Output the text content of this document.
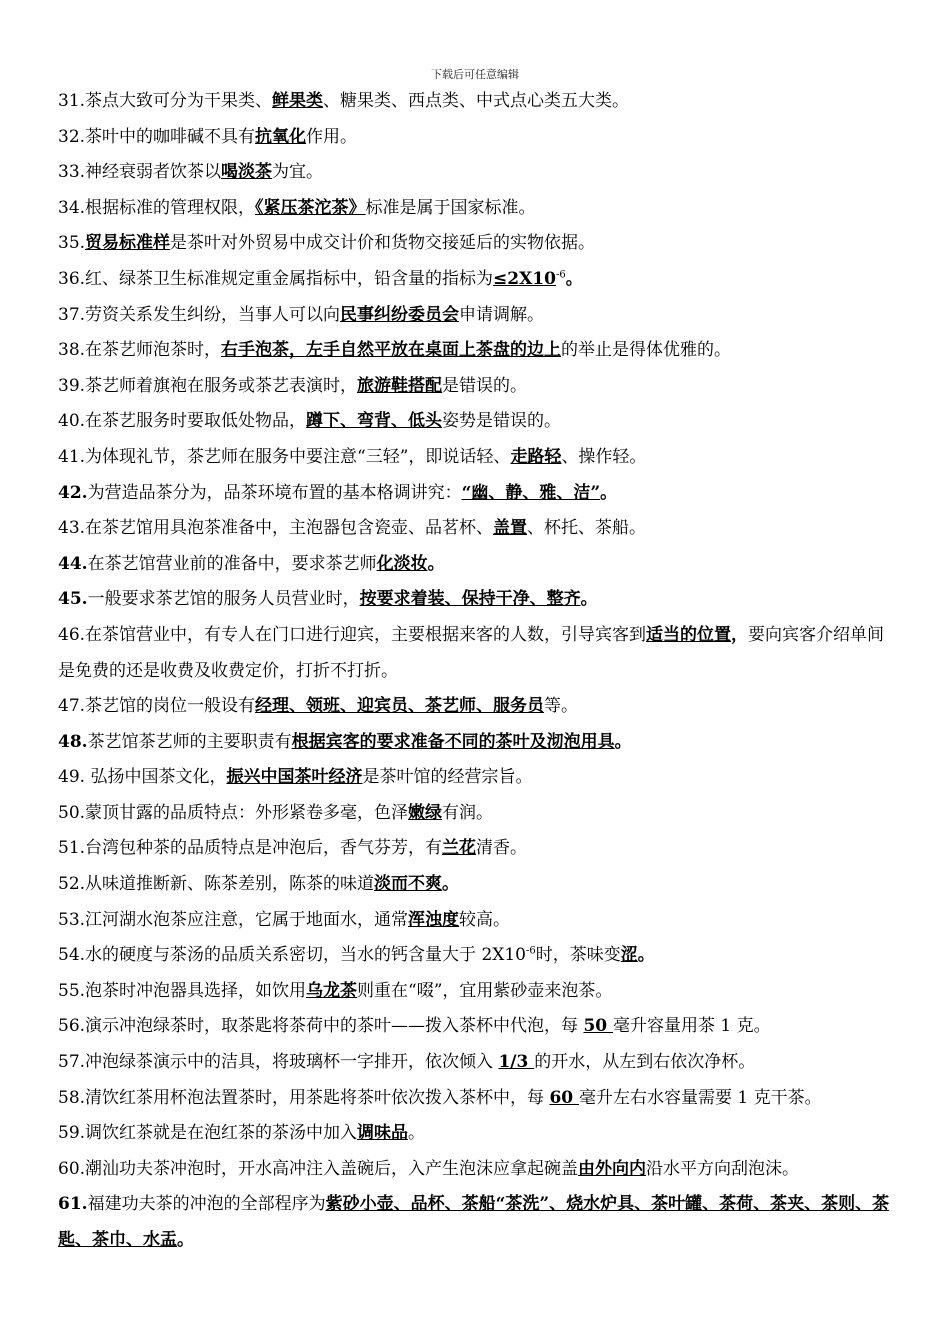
下载后可任意编辑

31.茶点大致可分为干果类、鲜果类、糖果类、西点类、中式点心类五大类。

32.茶叶中的咖啡碱不具有抗氧化作用。

33.神经衰弱者饮茶以喝淡茶为宜。

34.根据标准的管理权限，《紧压茶沱茶》标准是属于国家标准。

35.贸易标准样是茶叶对外贸易中成交计价和货物交接延后的实物依据。

36.红、绿茶卫生标准规定重金属指标中，铅含量的指标为$\le 2X10^{-6}$。

37.劳资关系发生纠纷，当事人可以向民事纠纷委员会申请调解。

38.在茶艺师泡茶时，右手泡茶，左手自然平放在桌面上茶盘的边上的举止是得体优雅的。

39.茶艺师着旗袍在服务或茶艺表演时，旅游鞋搭配是错误的。

40.在茶艺服务时要取低处物品，蹲下、弯背、低头姿势是错误的。

41.为体现礼节，茶艺师在服务中要注意“三轻”，即说话轻、走路轻、操作轻。

42.为营造品茶分为，品茶环境布置的基本格调讲究：“幽、静、雅、洁”。

43.在茶艺馆用具泡茶准备中，主泡器包含瓷壶、品茗杯、盖置、杯托、茶船。

44.在茶艺馆营业前的准备中，要求茶艺师化淡妆。

45.一般要求茶艺馆的服务人员营业时，按要求着装、保持干净、整齐。

46.在茶馆营业中，有专人在门口进行迎宾，主要根据来客的人数，引导宾客到适当的位置，要向宾客介绍单间是免费的还是收费及收费定价，打折不打折。

47.茶艺馆的岗位一般设有经理、领班、迎宾员、茶艺师、服务员等。

48.茶艺馆茶艺师的主要职责有根据宾客的要求准备不同的茶叶及沏泡用具。

49. 弘扬中国茶文化，振兴中国茶叶经济是茶叶馆的经营宗旨。

50.蒙顶甘露的品质特点：外形紧卷多毫，色泽嫩绿有润。

51.台湾包种茶的品质特点是冲泡后，香气芬芳，有兰花清香。

52.从味道推断新、陈茶差别，陈茶的味道淡而不爽。

53.江河湖水泡茶应注意，它属于地面水，通常浑浊度较高。

54.水的硬度与茶汤的品质关系密切，当水的钙含量大于 $2X10^{-6}$时，茶味变涩。

55.泡茶时冲泡器具选择，如饮用乌龙茶则重在“啜”，宜用紫砂壶来泡茶。

56.演示冲泡绿茶时，取茶匙将茶荷中的茶叶——拨入茶杯中代泡，每 50 毫升容量用茶 1 克。

57.冲泡绿茶演示中的洁具，将玻璃杯一字排开，依次倾入 1/3 的开水，从左到右依次净杯。

58.清饮红茶用杯泡法置茶时，用茶匙将茶叶依次拨入茶杯中，每 60 毫升左右水容量需要 1 克干茶。

59.调饮红茶就是在泡红茶的茶汤中加入调味品。

60.潮汕功夫茶冲泡时，开水高冲注入盖碗后，入产生泡沫应拿起碗盖由外向内沿水平方向刮泡沫。

61.福建功夫茶的冲泡的全部程序为紫砂小壶、品杯、茶船“茶洗”、烧水炉具、茶叶罐、茶荷、茶夹、茶则、茶匙、茶巾、水盂。
